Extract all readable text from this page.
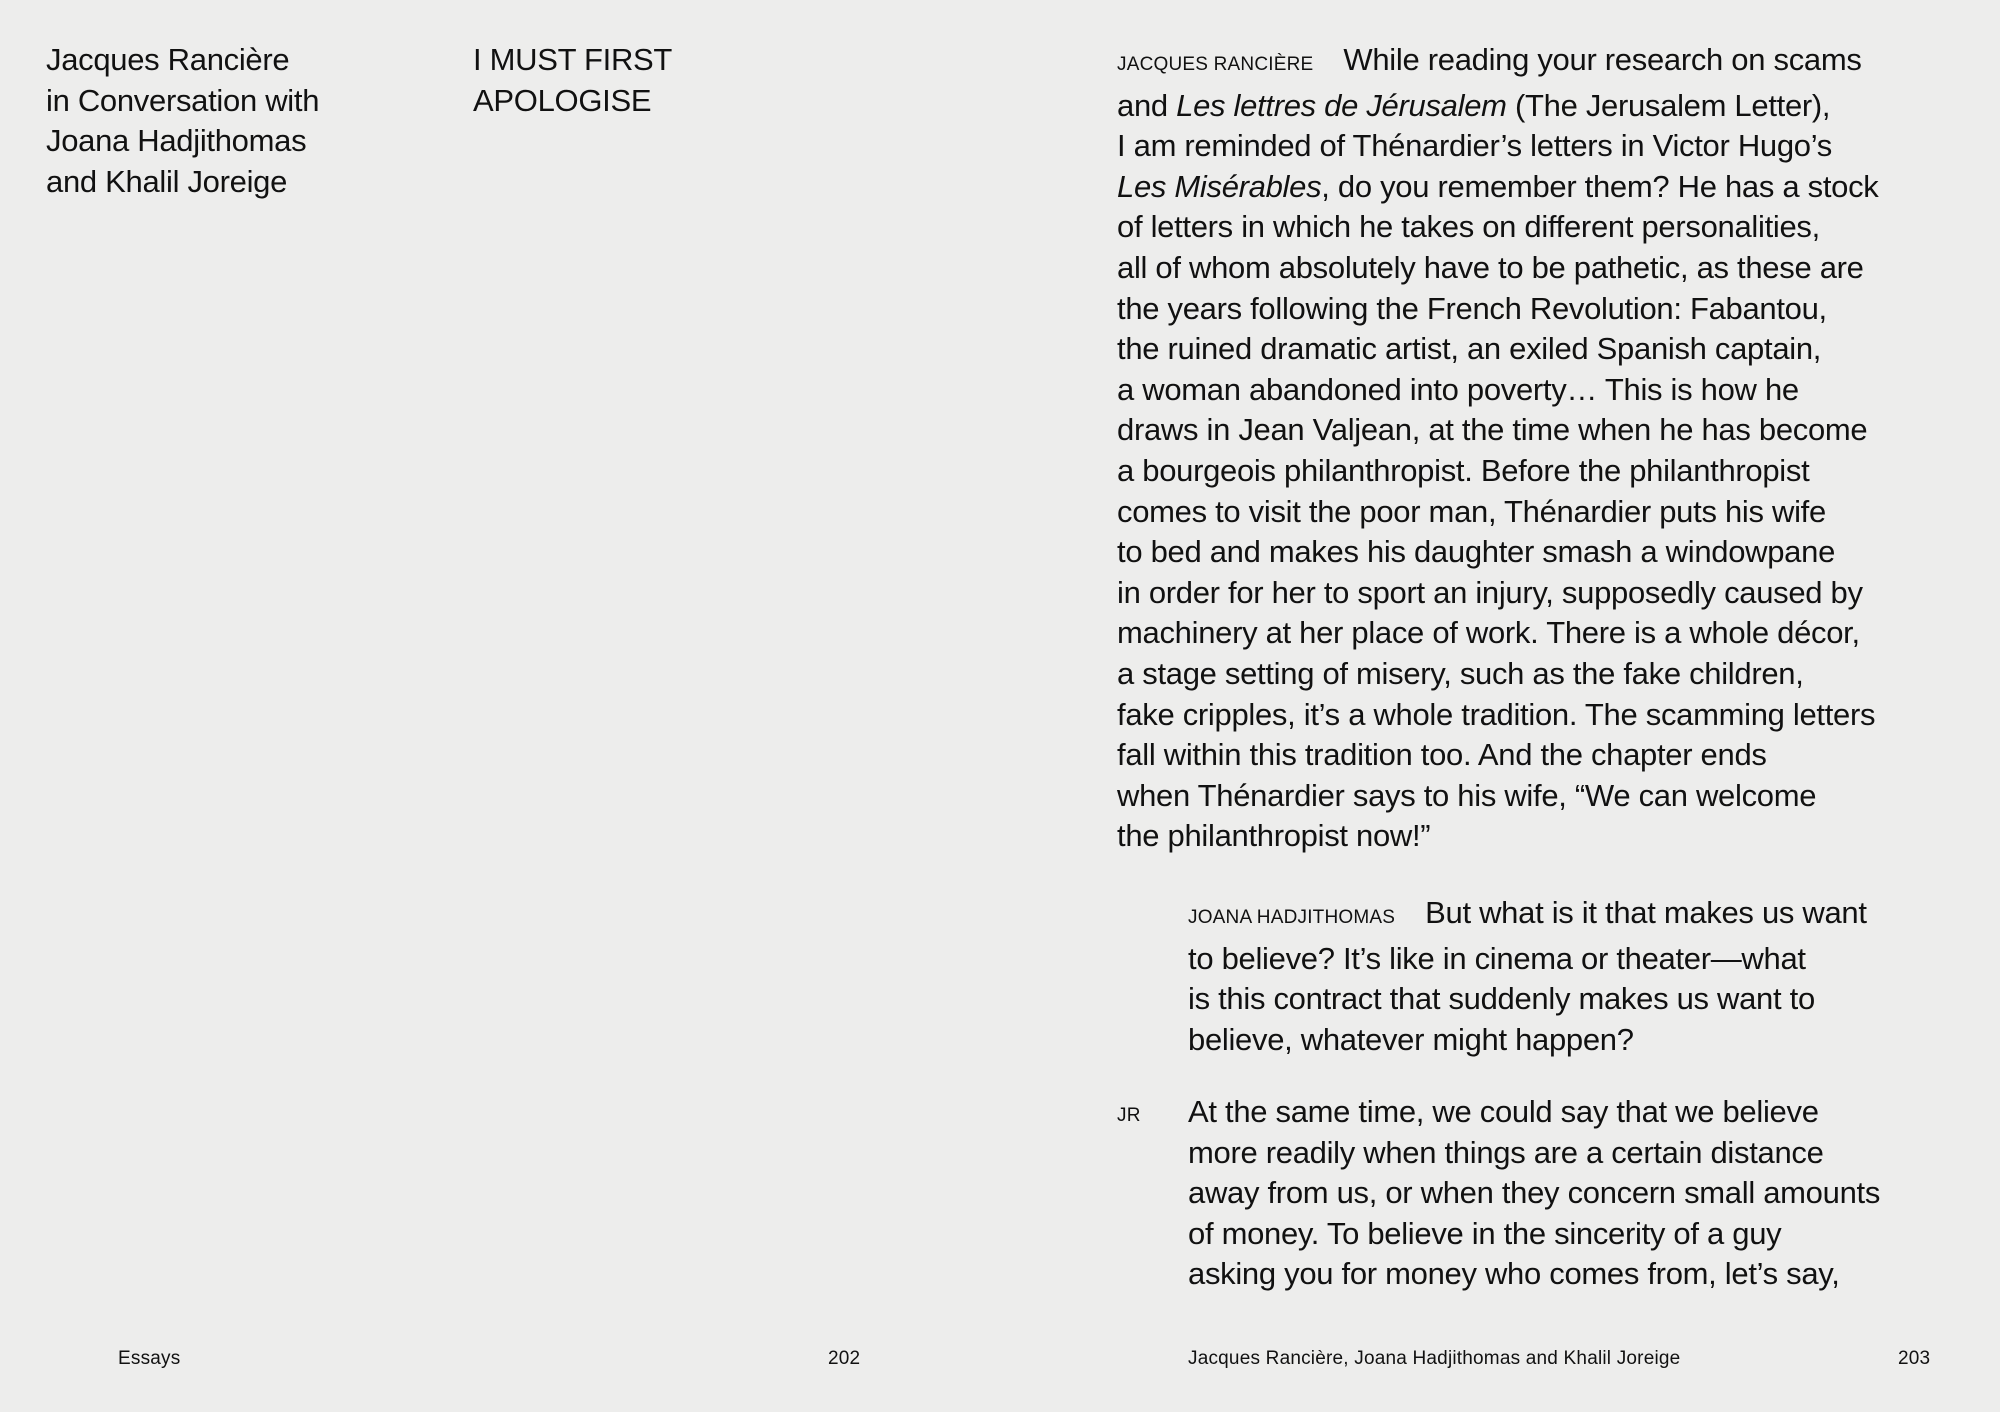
Jacques Rancière
in Conversation with
Joana Hadjithomas
and Khalil Joreige
I MUST FIRST
APOLOGISE
Essays	202
JACQUES RANCIÈRE While reading your research on scams
and Les lettres de Jérusalem (The Jerusalem Letter),
I am reminded of Thénardier’s letters in Victor Hugo’s
Les Misérables, do you remember them? He has a stock
of letters in which he takes on different personalities,
all of whom absolutely have to be pathetic, as these are
the years following the French Revolution: Fabantou,
the ruined dramatic artist, an exiled Spanish captain,
a woman abandoned into poverty… This is how he
draws in Jean Valjean, at the time when he has become
a bourgeois philanthropist. Before the philanthropist
comes to visit the poor man, Thénardier puts his wife
to bed and makes his daughter smash a windowpane
in order for her to sport an injury, supposedly caused by
machinery at her place of work. There is a whole décor,
a stage setting of misery, such as the fake children,
fake cripples, it’s a whole tradition. The scamming letters
fall within this tradition too. And the chapter ends
when Thénardier says to his wife, “We can welcome
the philanthropist now!”
JOANA HADJITHOMAS But what is it that makes us want
to believe? It’s like in cinema or theater—what
is this contract that suddenly makes us want to
believe, whatever might happen?
JR At the same time, we could say that we believe
more readily when things are a certain distance
away from us, or when they concern small amounts
of money. To believe in the sincerity of a guy
asking you for money who comes from, let’s say,
Jacques Rancière, Joana Hadjithomas and Khalil Joreige	203
